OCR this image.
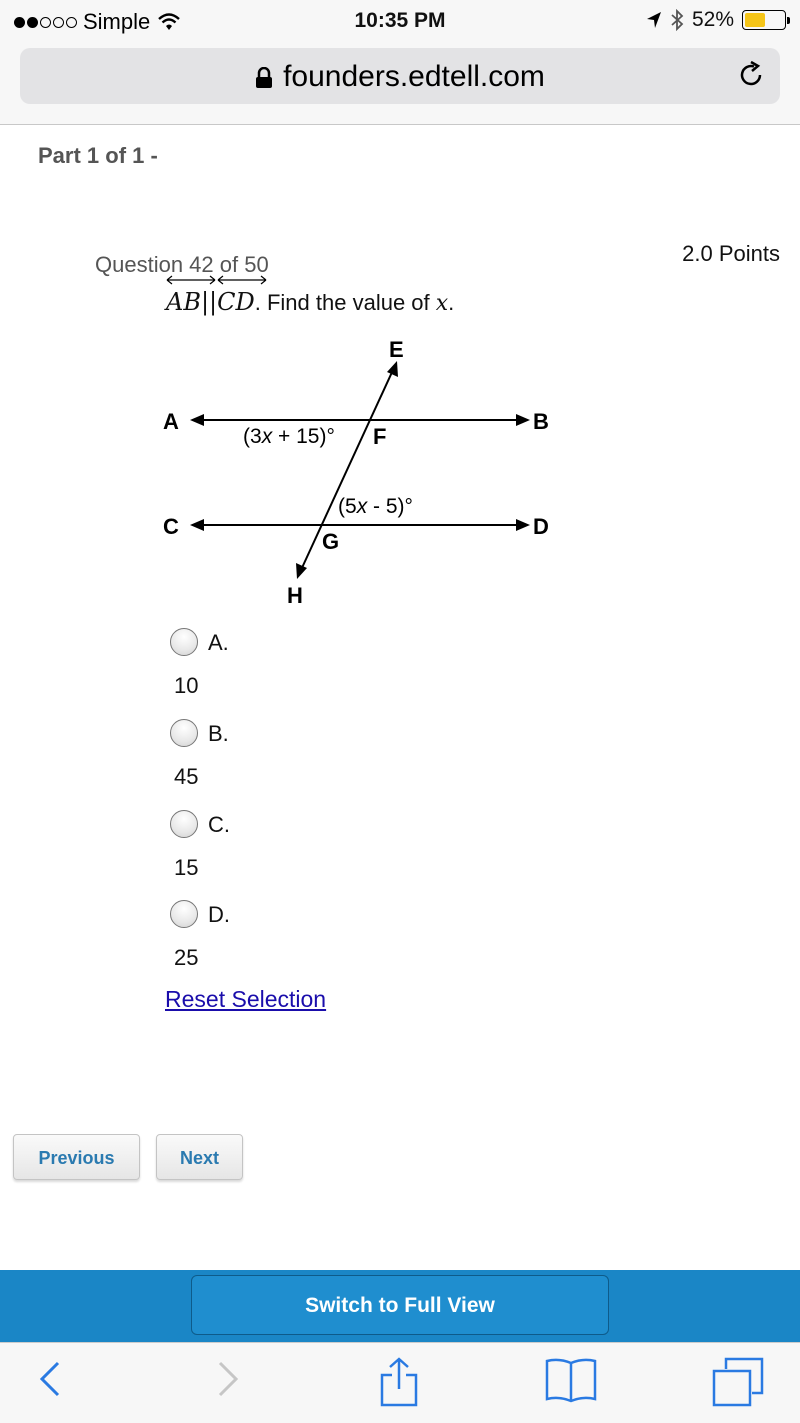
Simple	10:35 PM	52%
founders.edtell.com
Part 1 of 1 -
Question 42 of 50	2.0 Points
AB||
CD. Find the value of x.
E
A	B
F
C	D
G
H
(3x + 15)°
(5x - 5)°
A.
10
B.
45
C.
15
D.
25
Reset Selection
Previous	Next
Switch to Full View
